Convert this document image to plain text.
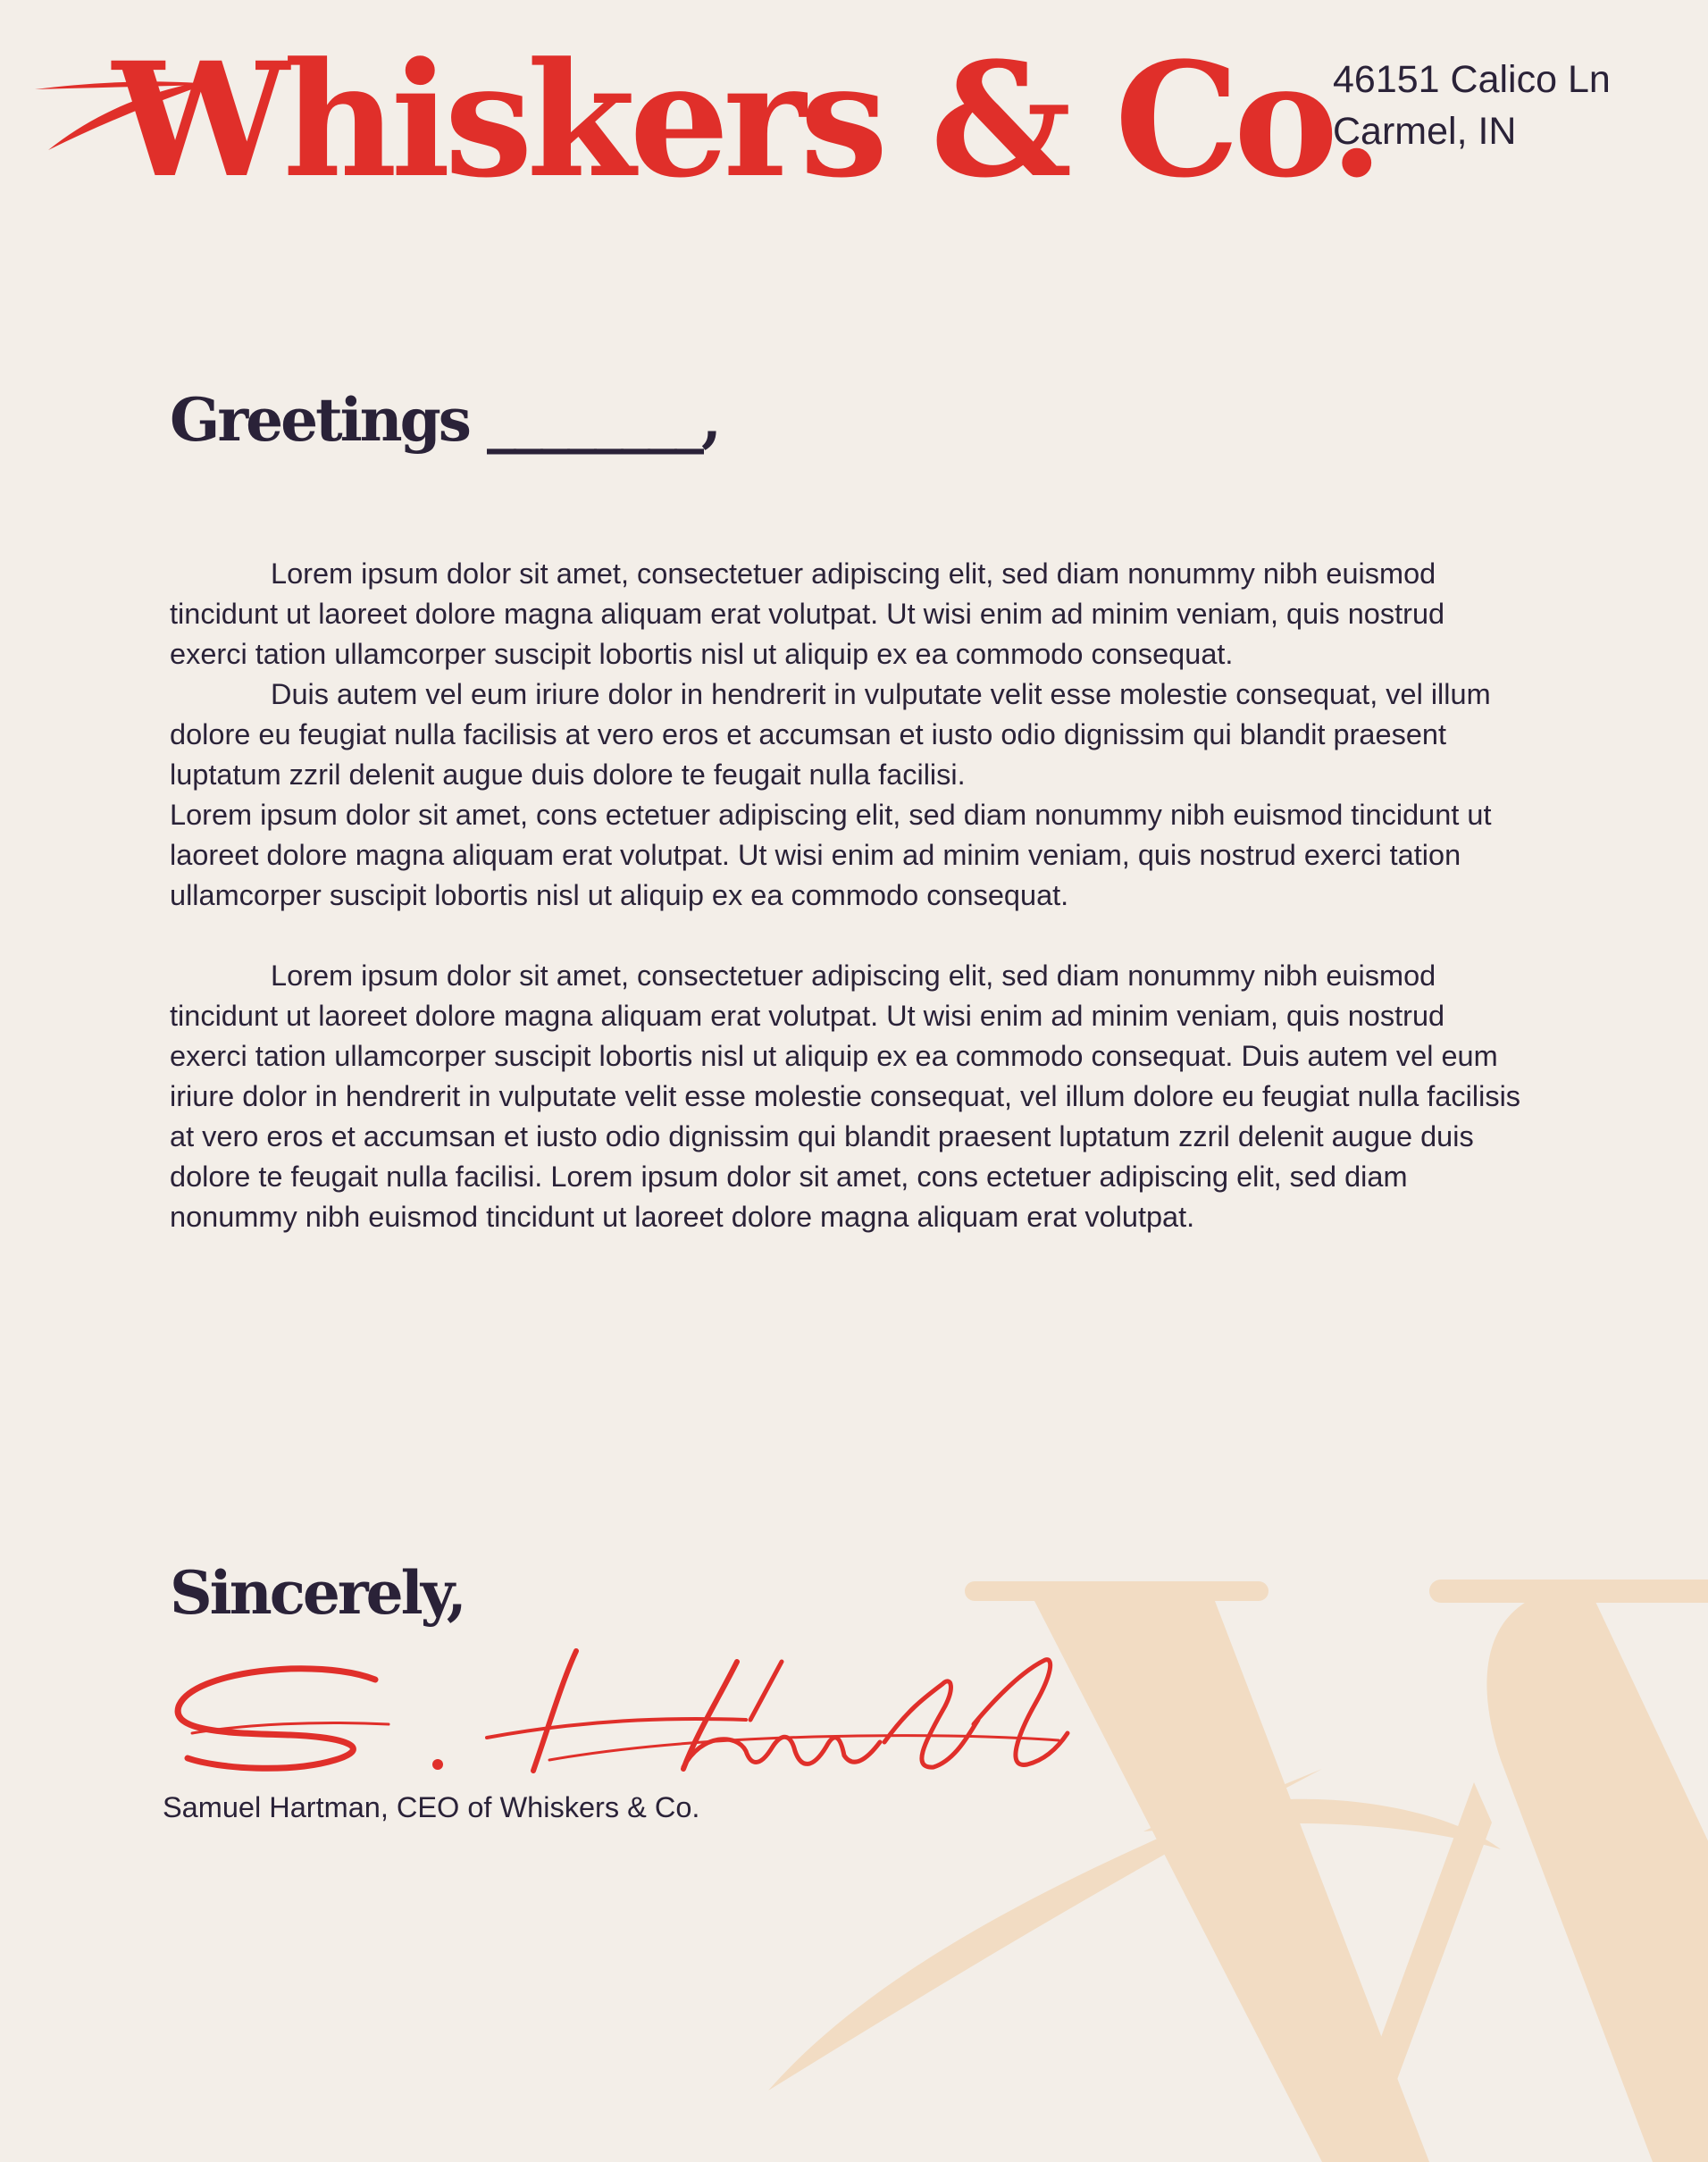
Whiskers & Co.
46151 Calico Ln
Carmel, IN
Greetings ________,

Lorem ipsum dolor sit amet, consectetuer adipiscing elit, sed diam nonummy nibh euismod tincidunt ut laoreet dolore magna aliquam erat volutpat. Ut wisi enim ad minim veniam, quis nostrud exerci tation ullamcorper suscipit lobortis nisl ut aliquip ex ea commodo consequat.

Duis autem vel eum iriure dolor in hendrerit in vulputate velit esse molestie consequat, vel illum dolore eu feugiat nulla facilisis at vero eros et accumsan et iusto odio dignissim qui blandit praesent luptatum zzril delenit augue duis dolore te feugait nulla facilisi.

Lorem ipsum dolor sit amet, cons ectetuer adipiscing elit, sed diam nonummy nibh euismod tincidunt ut laoreet dolore magna aliquam erat volutpat. Ut wisi enim ad minim veniam, quis nostrud exerci tation ullamcorper suscipit lobortis nisl ut aliquip ex ea commodo consequat.

Lorem ipsum dolor sit amet, consectetuer adipiscing elit, sed diam nonummy nibh euismod tincidunt ut laoreet dolore magna aliquam erat volutpat. Ut wisi enim ad minim veniam, quis nostrud exerci tation ullamcorper suscipit lobortis nisl ut aliquip ex ea commodo consequat. Duis autem vel eum iriure dolor in hendrerit in vulputate velit esse molestie consequat, vel illum dolore eu feugiat nulla facilisis at vero eros et accumsan et iusto odio dignissim qui blandit praesent luptatum zzril delenit augue duis dolore te feugait nulla facilisi. Lorem ipsum dolor sit amet, cons ectetuer adipiscing elit, sed diam nonummy nibh euismod tincidunt ut laoreet dolore magna aliquam erat volutpat.

Sincerely,
Samuel Hartman, CEO of Whiskers & Co.
